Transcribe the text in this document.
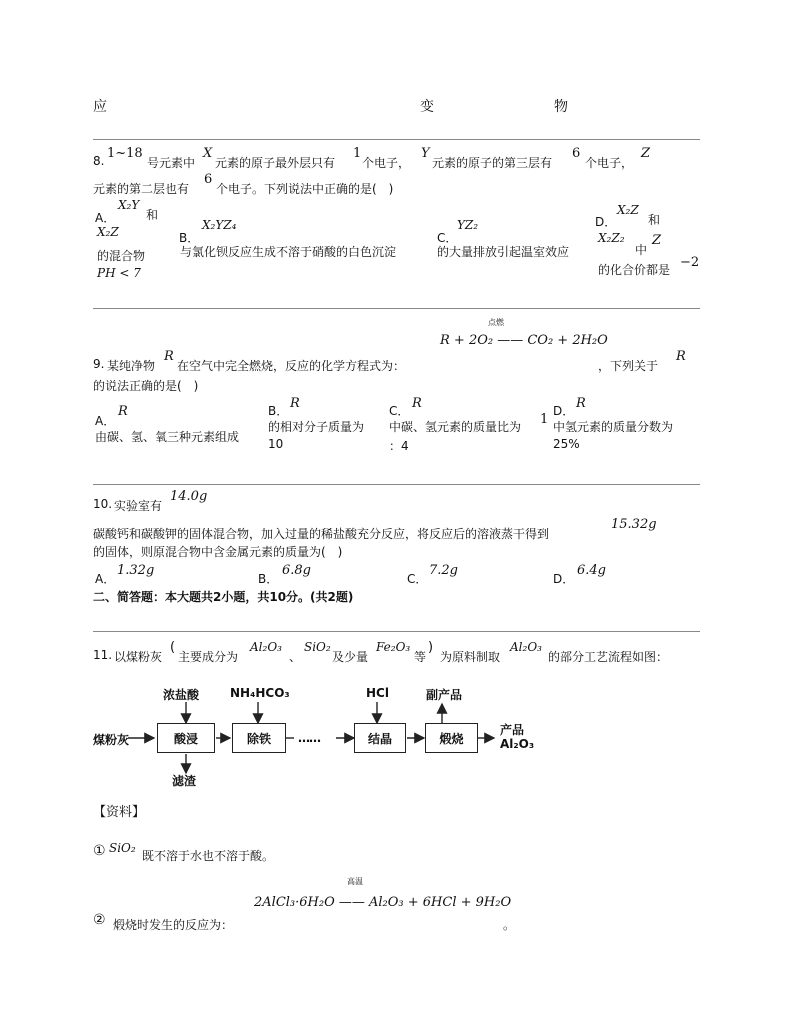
应	变	物
8. 1~18
号元素中
X
元素的原子最外层只有
1
个电子，
Y
元素的原子的第三层有
6
个电子，
Z
元素的第二层也有
6
个电子。下列说法中正确的是(　)
A．
X₂Y
和
X₂Z
的混合物
PH < 7
B．
X₂YZ₄
与氯化钡反应生成不溶于硝酸的白色沉淀
C．
YZ₂
的大量排放引起温室效应
D．
X₂Z
和
X₂Z₂
中
Z
的化合价都是 −2
点燃
R + 2O₂ —— CO₂ + 2H₂O
9. 某纯净物
R
在空气中完全燃烧，反应的化学方程式为：	，下列关于
R
的说法正确的是(　)
A．
R
由碳、氢、氧三种元素组成
B． R
的相对分子质量为
10
C． R
中碳、氢元素的质量比为 1
：4
D． R
中氢元素的质量分数为
25%
10. 实验室有
14.0g
碳酸钙和碳酸钾的固体混合物，加入过量的稀盐酸充分反应，将反应后的溶液蒸干得到
15.32g
的固体，则原混合物中含金属元素的质量为(　)
A．
1.32g
B．
6.8g
C．
7.2g
D．
6.4g
二、简答题：本大题共2小题，共10分。(共2题)
11. 以煤粉灰
(
主要成分为
Al₂O₃
、
SiO₂
及少量
Fe₂O₃
等
)
为原料制取
Al₂O₃
的部分工艺流程如图：
煤粉灰	酸浸	除铁	……	结晶	煅烧
浓盐酸	NH₄HCO₃	HCl	副产品
滤渣
产品
Al₂O₃
【资料】
① SiO₂
既不溶于水也不溶于酸。
高温
2AlCl₃·6H₂O —— Al₂O₃ + 6HCl + 9H₂O
② 煅烧时发生的反应为：	。
